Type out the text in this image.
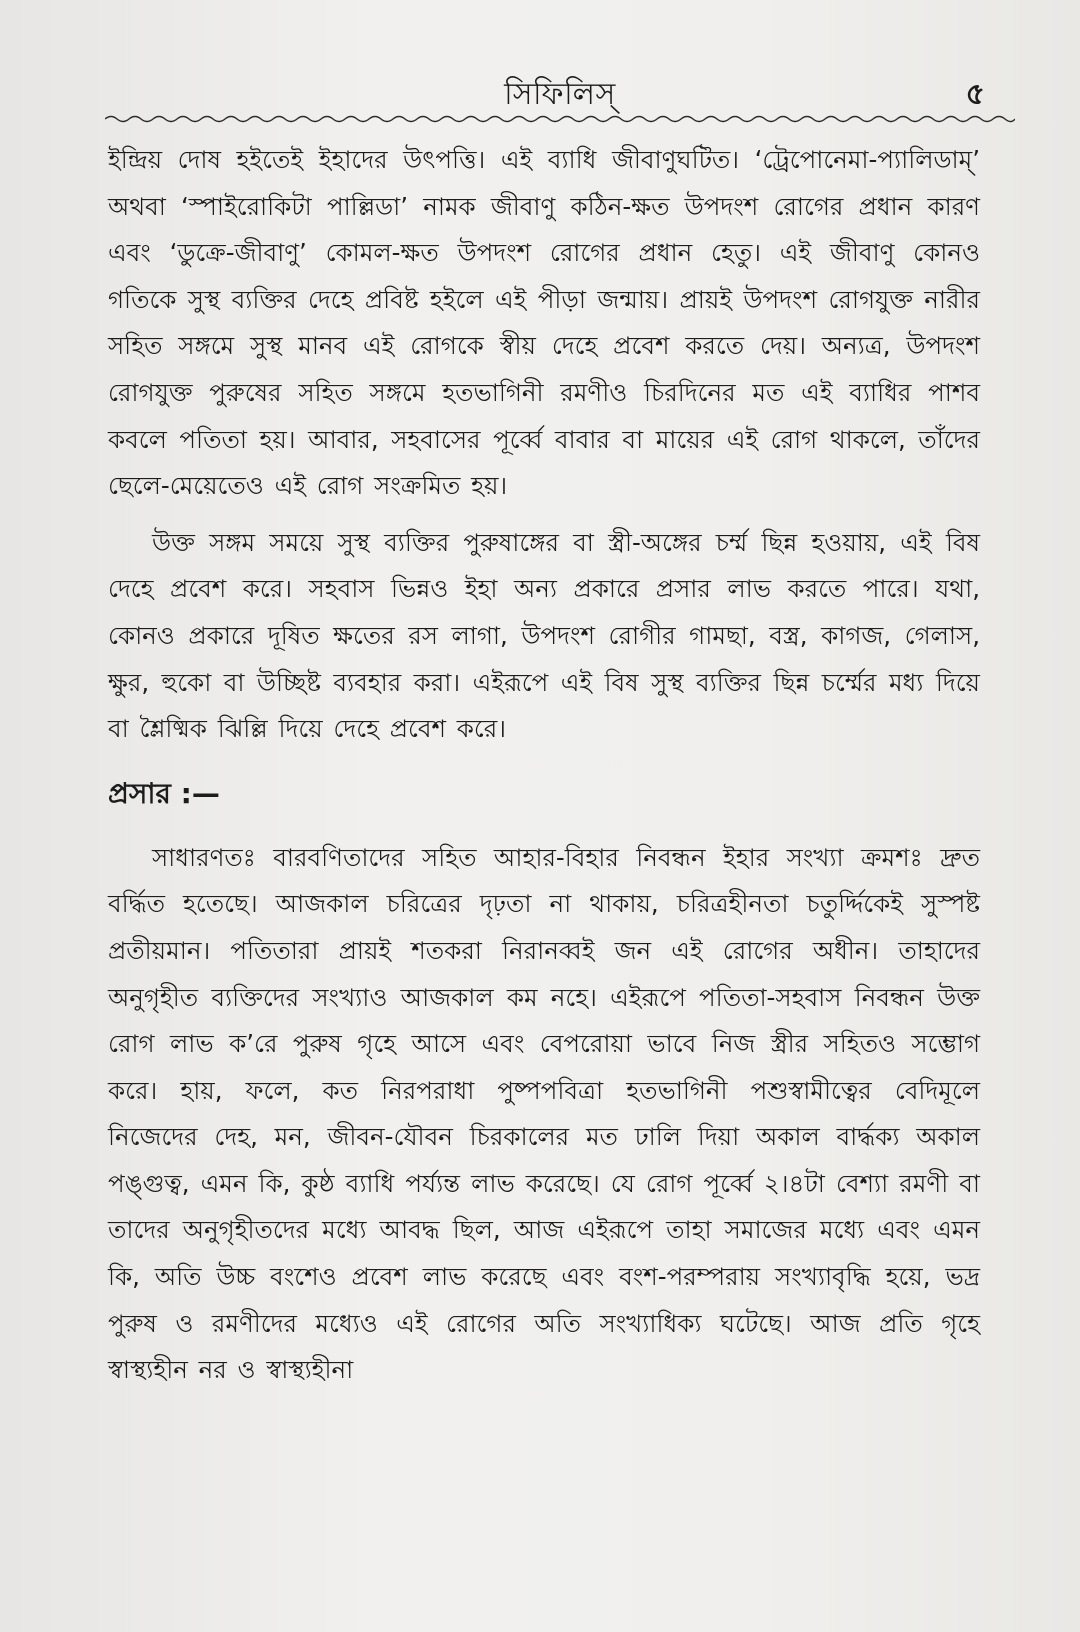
সিফিলিস্	৫

ইন্দ্রিয় দোষ হইতেই ইহাদের উৎপত্তি। এই ব্যাধি জীবাণুঘটিত। ‘ট্রেপোনেমা-প্যালিডাম্’ অথবা ‘স্পাইরোকিটা পাল্লিডা’ নামক জীবাণু কঠিন-ক্ষত উপদংশ রোগের প্রধান কারণ এবং ‘ডুক্রে-জীবাণু’ কোমল-ক্ষত উপদংশ রোগের প্রধান হেতু। এই জীবাণু কোনও গতিকে সুস্থ ব্যক্তির দেহে প্রবিষ্ট হইলে এই পীড়া জন্মায়। প্রায়ই উপদংশ রোগযুক্ত নারীর সহিত সঙ্গমে সুস্থ মানব এই রোগকে স্বীয় দেহে প্রবেশ করতে দেয়। অন্যত্র, উপদংশ রোগযুক্ত পুরুষের সহিত সঙ্গমে হতভাগিনী রমণীও চিরদিনের মত এই ব্যাধির পাশব কবলে পতিতা হয়। আবার, সহবাসের পূর্ব্বে বাবার বা মায়ের এই রোগ থাকলে, তাঁদের ছেলে-মেয়েতেও এই রোগ সংক্রমিত হয়।

উক্ত সঙ্গম সময়ে সুস্থ ব্যক্তির পুরুষাঙ্গের বা স্ত্রী-অঙ্গের চর্ম্ম ছিন্ন হওয়ায়, এই বিষ দেহে প্রবেশ করে। সহবাস ভিন্নও ইহা অন্য প্রকারে প্রসার লাভ করতে পারে। যথা, কোনও প্রকারে দূষিত ক্ষতের রস লাগা, উপদংশ রোগীর গামছা, বস্ত্র, কাগজ, গেলাস, ক্ষুর, হুকো বা উচ্ছিষ্ট ব্যবহার করা। এইরূপে এই বিষ সুস্থ ব্যক্তির ছিন্ন চর্ম্মের মধ্য দিয়ে বা শ্লৈষ্মিক ঝিল্লি দিয়ে দেহে প্রবেশ করে।

প্রসার :—

সাধারণতঃ বারবণিতাদের সহিত আহার-বিহার নিবন্ধন ইহার সংখ্যা ক্রমশঃ দ্রুত বর্দ্ধিত হতেছে। আজকাল চরিত্রের দৃঢ়তা না থাকায়, চরিত্রহীনতা চতুর্দ্দিকেই সুস্পষ্ট প্রতীয়মান। পতিতারা প্রায়ই শতকরা নিরানব্বই জন এই রোগের অধীন। তাহাদের অনুগৃহীত ব্যক্তিদের সংখ্যাও আজকাল কম নহে। এইরূপে পতিতা-সহবাস নিবন্ধন উক্ত রোগ লাভ ক’রে পুরুষ গৃহে আসে এবং বেপরোয়া ভাবে নিজ স্ত্রীর সহিতও সম্ভোগ করে। হায়, ফলে, কত নিরপরাধা পুষ্পপবিত্রা হতভাগিনী পশুস্বামীত্বের বেদিমূলে নিজেদের দেহ, মন, জীবন-যৌবন চিরকালের মত ঢালি দিয়া অকাল বার্দ্ধক্য অকাল পঙ্গুত্ব, এমন কি, কুষ্ঠ ব্যাধি পর্য্যন্ত লাভ করেছে। যে রোগ পূর্ব্বে ২।৪টা বেশ্যা রমণী বা তাদের অনুগৃহীতদের মধ্যে আবদ্ধ ছিল, আজ এইরূপে তাহা সমাজের মধ্যে এবং এমন কি, অতি উচ্চ বংশেও প্রবেশ লাভ করেছে এবং বংশ-পরম্পরায় সংখ্যাবৃদ্ধি হয়ে, ভদ্র পুরুষ ও রমণীদের মধ্যেও এই রোগের অতি সংখ্যাধিক্য ঘটেছে। আজ প্রতি গৃহে স্বাস্থ্যহীন নর ও স্বাস্থ্যহীনা
